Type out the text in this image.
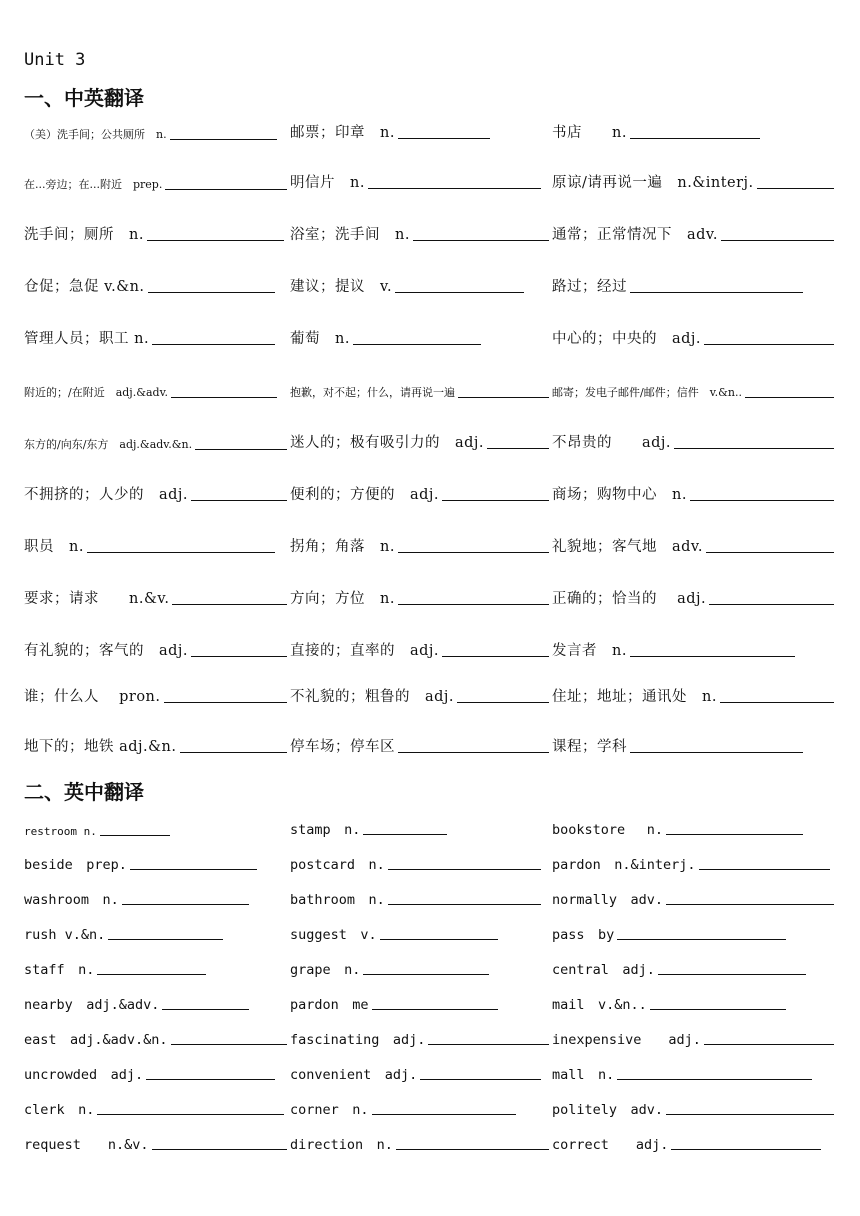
Unit 3
一、中英翻译
二、英中翻译
（美）洗手间；公共厕所　n.	邮票；印章　n.	书店　　n.
在...旁边；在...附近　prep.	明信片　n.	原谅/请再说一遍　n.&interj.
洗手间；厕所　n.	浴室；洗手间　n.	通常；正常情况下　adv.
仓促；急促 v.&n.	建议；提议　v.	路过；经过
管理人员；职工 n.	葡萄　n.	中心的；中央的　adj.
附近的；/在附近　adj.&adv.	抱歉，对不起；什么，请再说一遍	邮寄；发电子邮件/邮件；信件　v.&n..
东方的/向东/东方　adj.&adv.&n.	迷人的；极有吸引力的　adj.	不昂贵的　　adj.
不拥挤的；人少的　adj.	便利的；方便的　adj.	商场；购物中心　n.
职员　n.	拐角；角落　n.	礼貌地；客气地　adv.
要求；请求　　n.&v.	方向；方位　n.	正确的；恰当的　 adj.
有礼貌的；客气的　adj.	直接的；直率的　adj.	发言者　n.
谁；什么人　 pron.	不礼貌的；粗鲁的　adj.	住址；地址；通讯处　n.
地下的；地铁 adj.&n.	停车场；停车区	课程；学科
restroom n.	stamp　n.	bookstore　 n.
beside　prep.	postcard　n.	pardon　n.&interj.
washroom　n.	bathroom　n.	normally　adv.
rush v.&n.	suggest　v.	pass　by
staff　n.	grape　n.	central　adj.
nearby　adj.&adv.	pardon　me	mail　v.&n..
east　adj.&adv.&n.	fascinating　adj.	inexpensive　　adj.
uncrowded　adj.	convenient　adj.	mall　n.
clerk　n.	corner　n.	politely　adv.
request　　n.&v.	direction　n.	correct　　adj.
